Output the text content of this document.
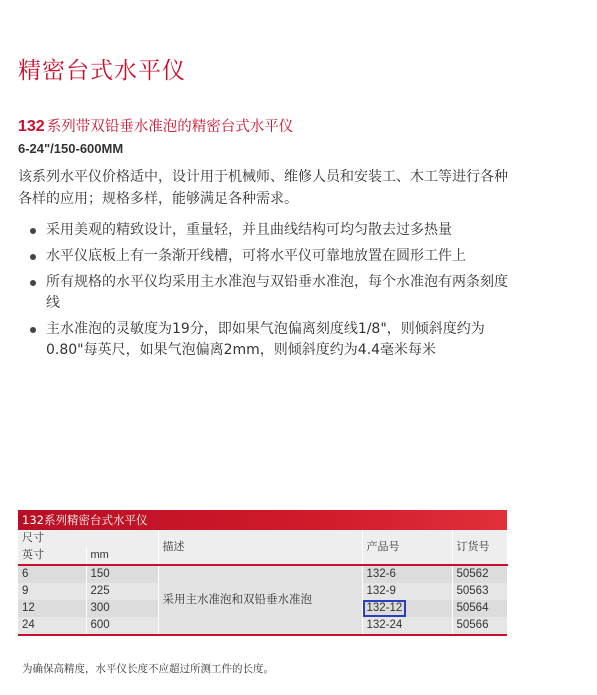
精密台式水平仪
132 系列带双铅垂水准泡的精密台式水平仪
6-24"/150-600MM
该系列水平仪价格适中，设计用于机械师、维修人员和安装工、木工等进行各种各样的应用；规格多样，能够满足各种需求。
采用美观的精致设计，重量轻，并且曲线结构可均匀散去过多热量
水平仪底板上有一条渐开线槽，可将水平仪可靠地放置在圆形工件上
所有规格的水平仪均采用主水准泡与双铅垂水准泡，每个水准泡有两条刻度线
主水准泡的灵敏度为19分，即如果气泡偏离刻度线1/8"，则倾斜度约为0.80"每英尺，如果气泡偏离2mm，则倾斜度约为4.4毫米每米
132系列精密台式水平仪
尺寸		描述	产品号	订货号
英寸	mm			
6	150	采用主水准泡和双铅垂水准泡	132-6	50562
9	225		132-9	50563
12	300		132-12	50564
24	600		132-24	50566
为确保高精度，水平仪长度不应超过所测工件的长度。
